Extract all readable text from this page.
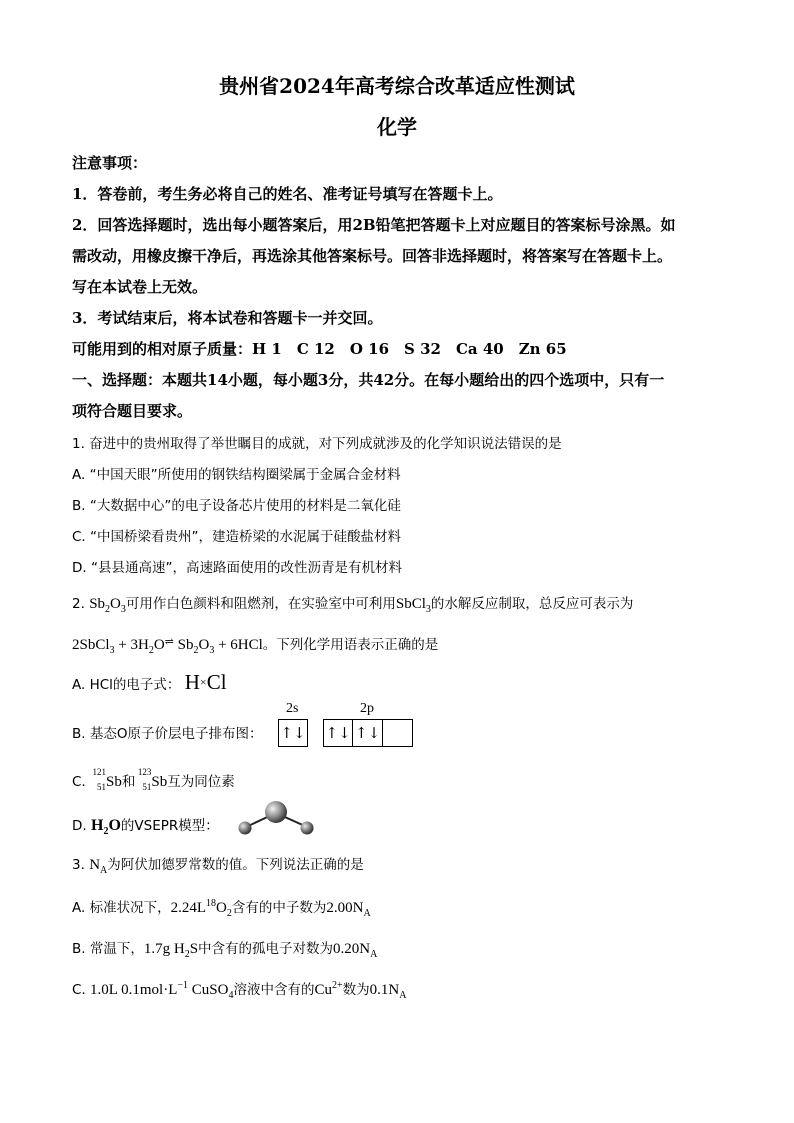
贵州省2024年高考综合改革适应性测试
化学
注意事项：
1．答卷前，考生务必将自己的姓名、准考证号填写在答题卡上。
2．回答选择题时，选出每小题答案后，用2B铅笔把答题卡上对应题目的答案标号涂黑。如
需改动，用橡皮擦干净后，再选涂其他答案标号。回答非选择题时，将答案写在答题卡上。
写在本试卷上无效。
3．考试结束后，将本试卷和答题卡一并交回。
可能用到的相对原子质量：H 1　C 12　O 16　S 32　Ca 40　Zn 65
一、选择题：本题共14小题，每小题3分，共42分。在每小题给出的四个选项中，只有一
项符合题目要求。
1. 奋进中的贵州取得了举世瞩目的成就，对下列成就涉及的化学知识说法错误的是
A. “中国天眼”所使用的钢铁结构圈梁属于金属合金材料
B. “大数据中心”的电子设备芯片使用的材料是二氧化硅
C. “中国桥梁看贵州”，建造桥梁的水泥属于硅酸盐材料
D. “县县通高速”，高速路面使用的改性沥青是有机材料
2. $Sb_2O_3$可用作白色颜料和阻燃剂，在实验室中可利用SbCl$_3$的水解反应制取，总反应可表示为
2SbCl$_3$ + $3H_2O^\rightleftharpoons$ $Sb_2O_3 + 6HCl$。下列化学用语表示正确的是
A. HCl的电子式： H×Cl
2s	2p
B. 基态O原子价层电子排布图： ↑↓ ↑↓ ↑↓
C.
121
51 Sb和
123
51 Sb互为同位素
D. $H_2O$的VSEPR模型：
3. $N_A$为阿伏加德罗常数的值。下列说法正确的是
A. 标准状况下，$2.24L^{18}O_2$含有的中子数为$2.00N_A$
B. 常温下，1.7g $H_2S$中含有的孤电子对数为$0.20N_A$
C. 1.0L $0.1mol\cdot L^{-1}$ CuSO$_4$溶液中含有的$Cu^{2+}$数为$0.1N_A$
